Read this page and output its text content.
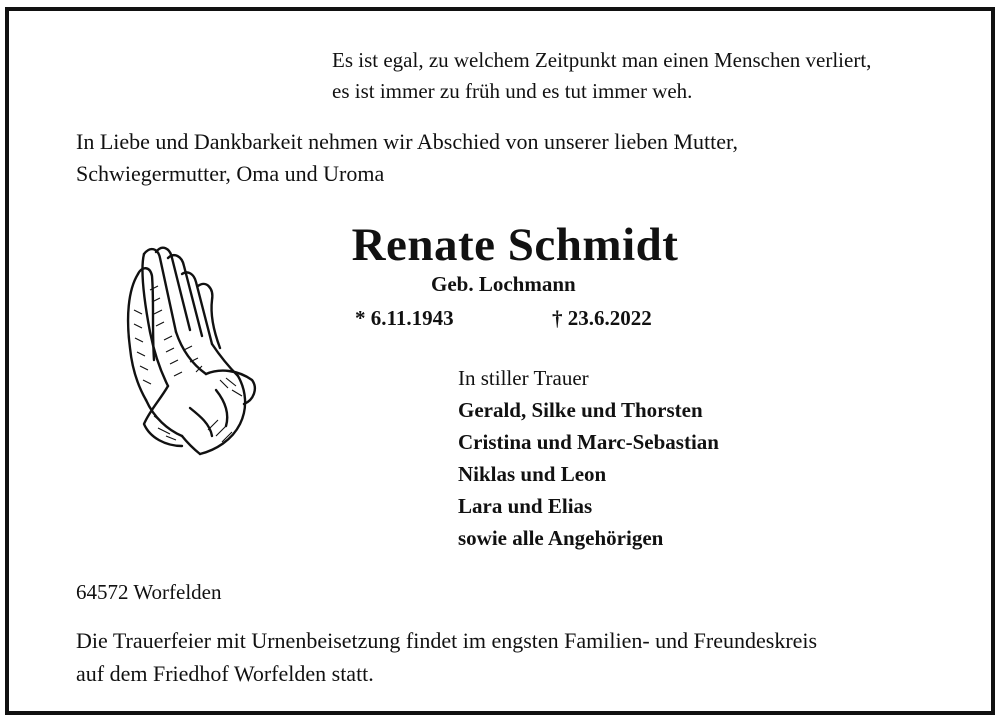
Es ist egal, zu welchem Zeitpunkt man einen Menschen verliert,
es ist immer zu früh und es tut immer weh.
In Liebe und Dankbarkeit nehmen wir Abschied von unserer lieben Mutter,
Schwiegermutter, Oma und Uroma
Renate Schmidt
Geb. Lochmann
* 6.11.1943	† 23.6.2022
In stiller Trauer
Gerald, Silke und Thorsten
Cristina und Marc-Sebastian
Niklas und Leon
Lara und Elias
sowie alle Angehörigen
64572 Worfelden
Die Trauerfeier mit Urnenbeisetzung findet im engsten Familien- und Freundeskreis
auf dem Friedhof Worfelden statt.
